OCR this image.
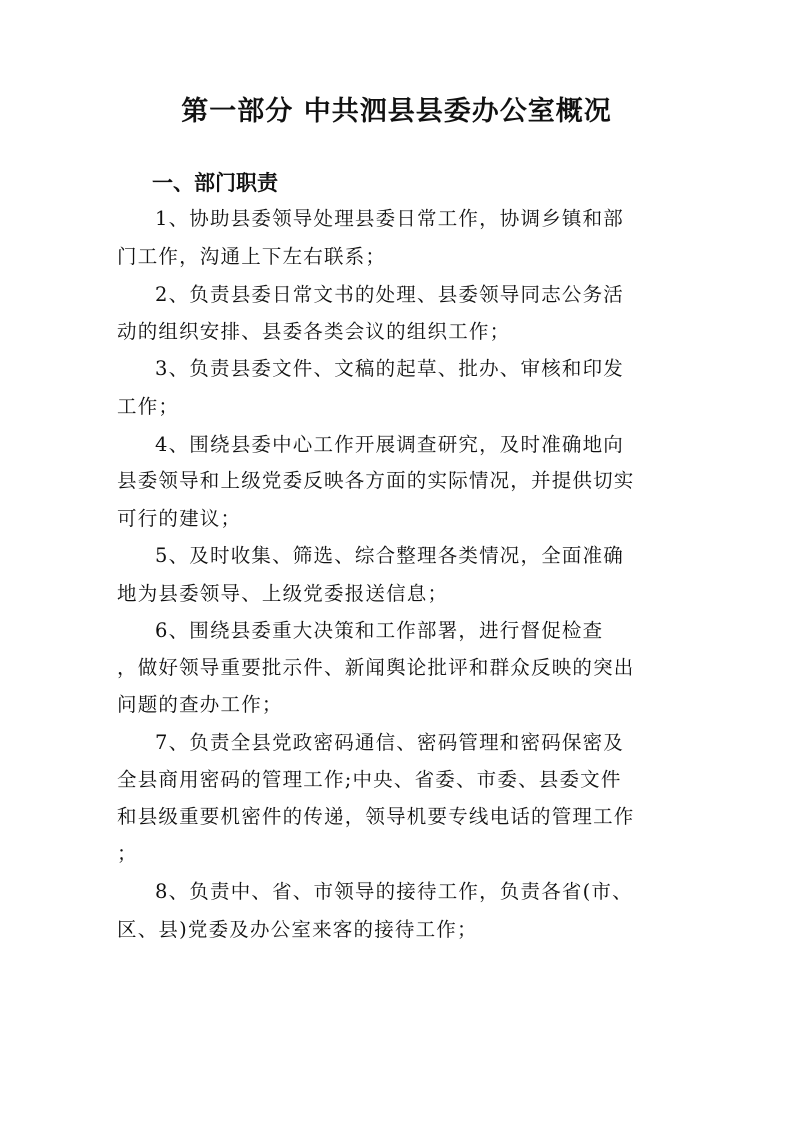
第一部分 中共泗县县委办公室概况
一、部门职责
1、协助县委领导处理县委日常工作，协调乡镇和部
门工作，沟通上下左右联系；
2、负责县委日常文书的处理、县委领导同志公务活
动的组织安排、县委各类会议的组织工作；
3、负责县委文件、文稿的起草、批办、审核和印发
工作；
4、围绕县委中心工作开展调查研究，及时准确地向
县委领导和上级党委反映各方面的实际情况，并提供切实
可行的建议；
5、及时收集、筛选、综合整理各类情况，全面准确
地为县委领导、上级党委报送信息；
6、围绕县委重大决策和工作部署，进行督促检查
，做好领导重要批示件、新闻舆论批评和群众反映的突出
问题的查办工作；
7、负责全县党政密码通信、密码管理和密码保密及
全县商用密码的管理工作;中央、省委、市委、县委文件
和县级重要机密件的传递，领导机要专线电话的管理工作
；
8、负责中、省、市领导的接待工作，负责各省(市、
区、县)党委及办公室来客的接待工作；
